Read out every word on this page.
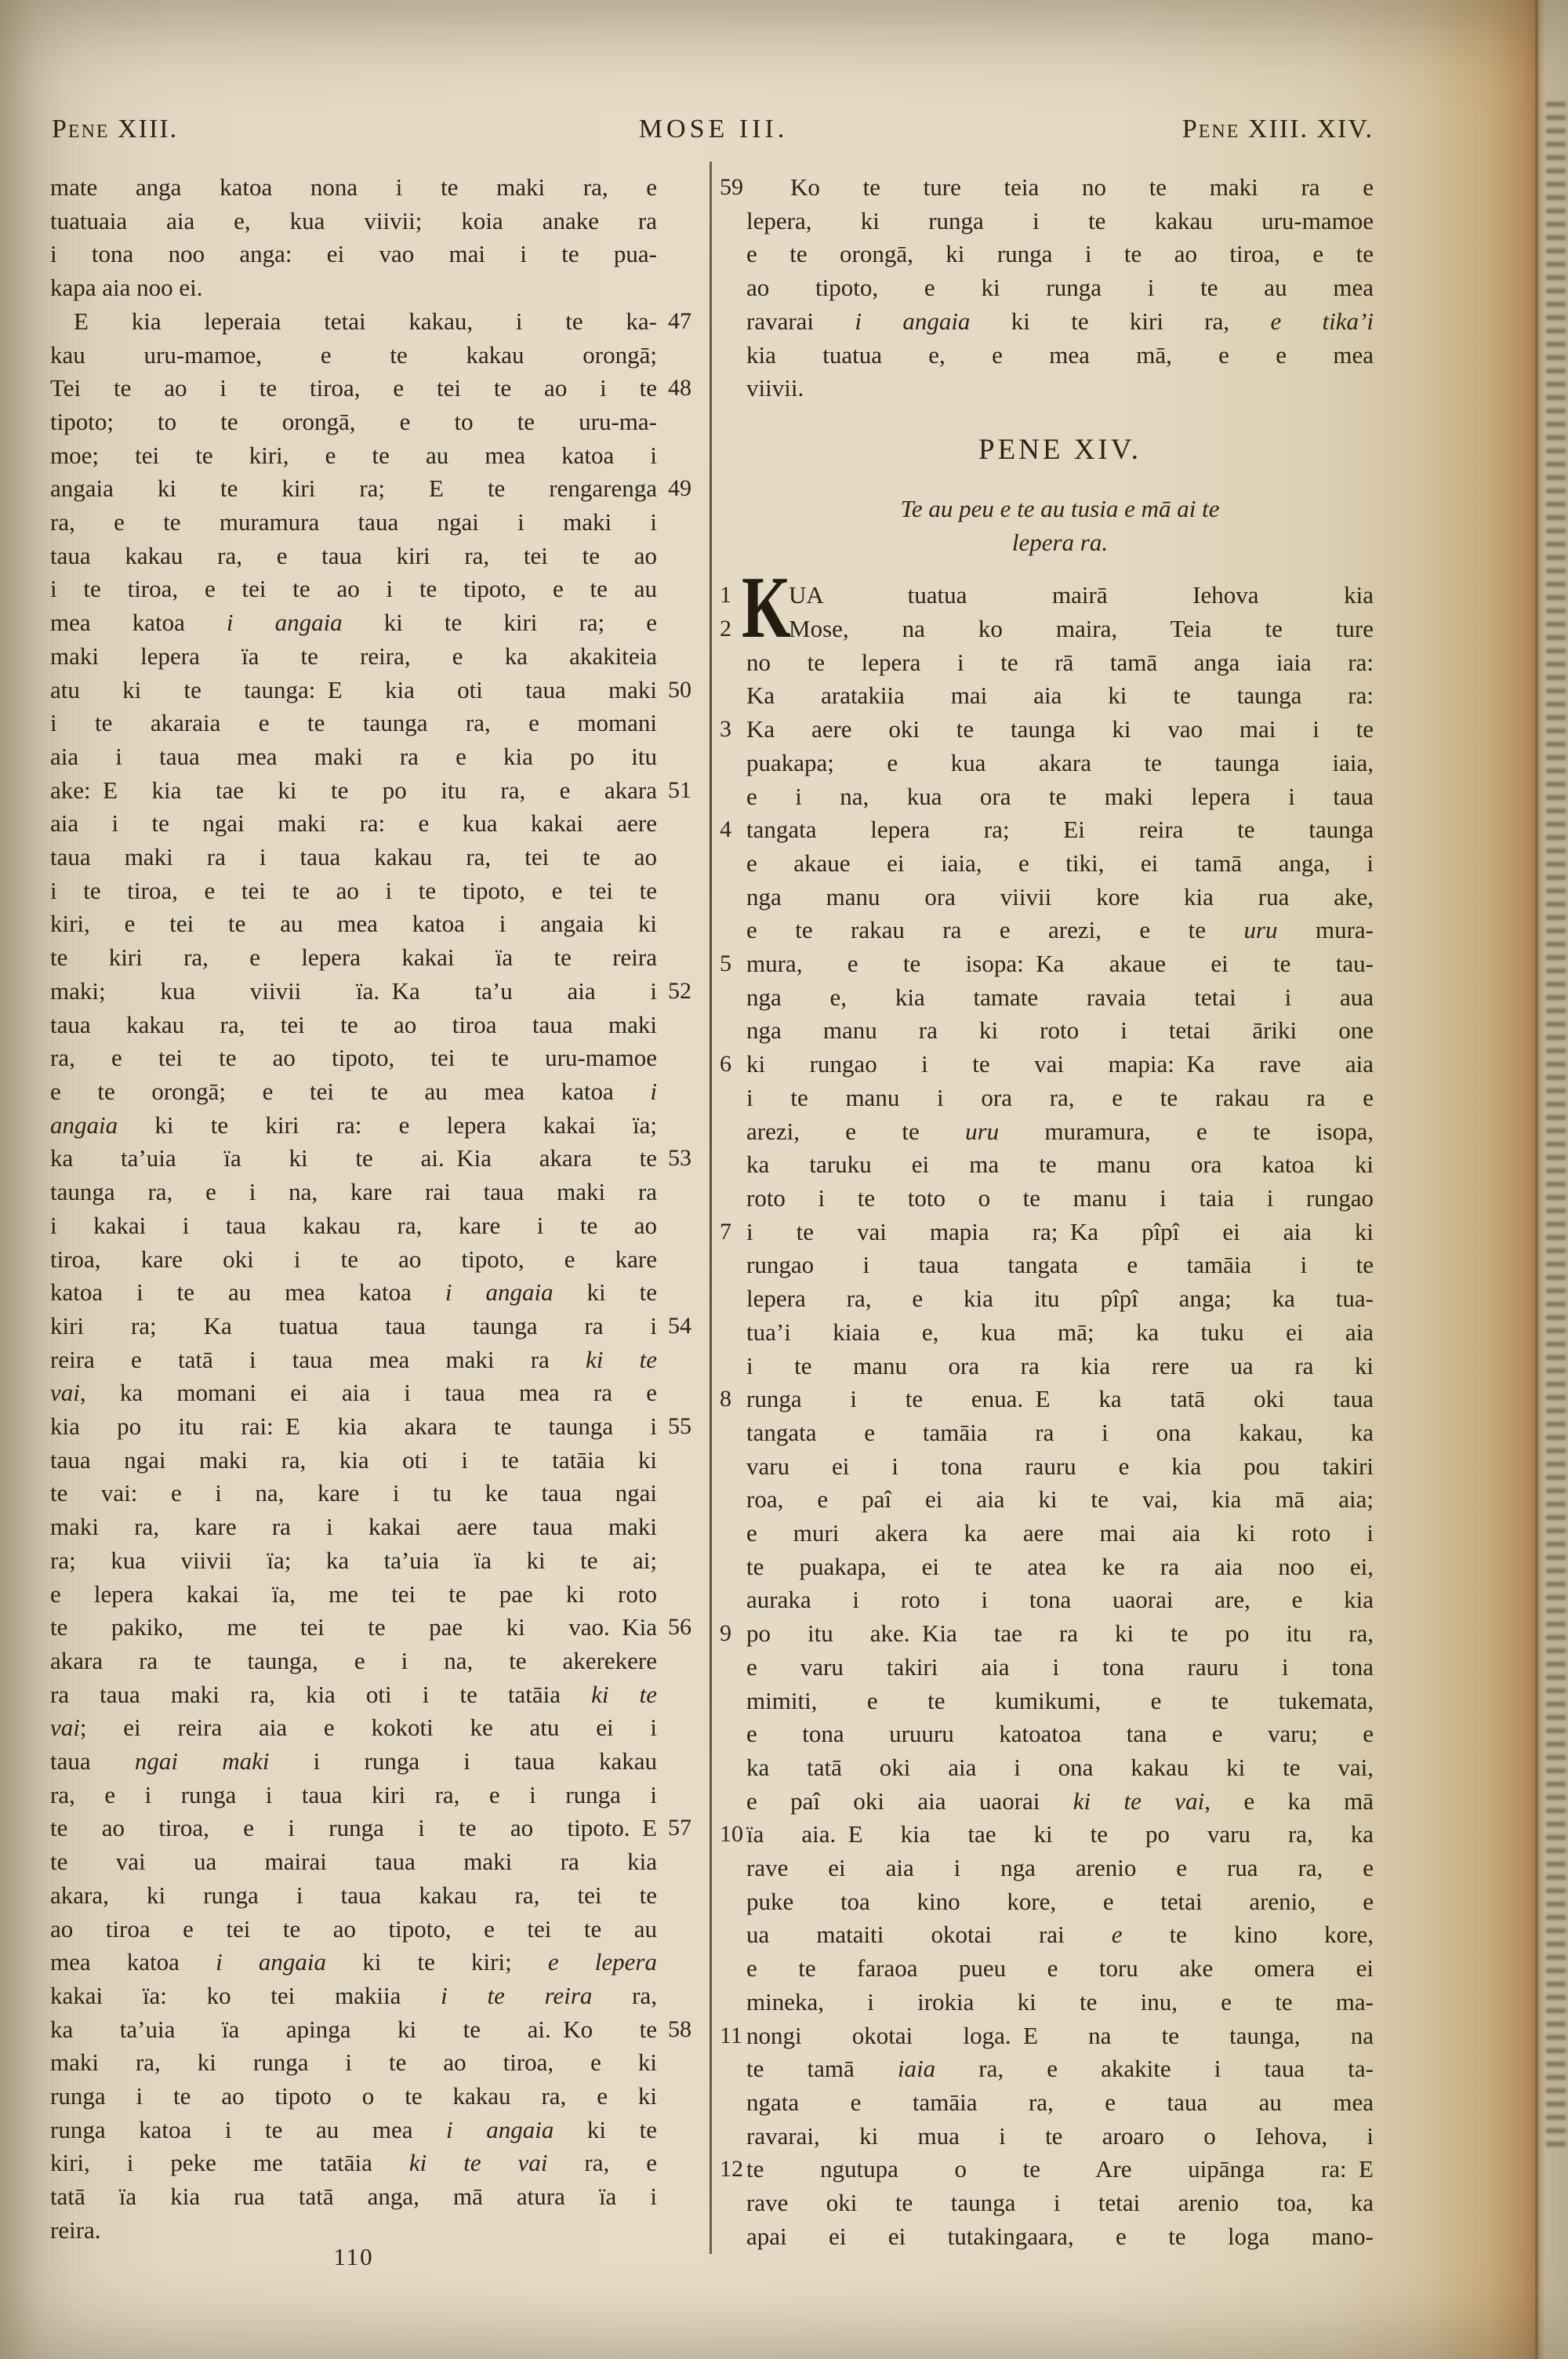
Pene XIII.	MOSE III.	Pene XIII. XIV.
mate anga katoa nona i te maki ra, e
tuatuaia aia e, kua viivii; koia anake ra
i tona noo anga: ei vao mai i te pua-
kapa aia noo ei.
E kia leperaia tetai kakau, i te ka- 47
kau uru-mamoe, e te kakau orongā;
Tei te ao i te tiroa, e tei te ao i te 48
tipoto; to te orongā, e to te uru-ma-
moe; tei te kiri, e te au mea katoa i
angaia ki te kiri ra; E te rengarenga 49
ra, e te muramura taua ngai i maki i
taua kakau ra, e taua kiri ra, tei te ao
i te tiroa, e tei te ao i te tipoto, e te au
mea katoa i angaia ki te kiri ra; e
maki lepera ïa te reira, e ka akakiteia
atu ki te taunga: E kia oti taua maki 50
i te akaraia e te taunga ra, e momani
aia i taua mea maki ra e kia po itu
ake: E kia tae ki te po itu ra, e akara 51
aia i te ngai maki ra: e kua kakai aere
taua maki ra i taua kakau ra, tei te ao
i te tiroa, e tei te ao i te tipoto, e tei te
kiri, e tei te au mea katoa i angaia ki
te kiri ra, e lepera kakai ïa te reira
maki; kua viivii ïa. Ka ta’u aia i 52
taua kakau ra, tei te ao tiroa taua maki
ra, e tei te ao tipoto, tei te uru-mamoe
e te orongā; e tei te au mea katoa i
angaia ki te kiri ra: e lepera kakai ïa;
ka ta’uia ïa ki te ai. Kia akara te 53
taunga ra, e i na, kare rai taua maki ra
i kakai i taua kakau ra, kare i te ao
tiroa, kare oki i te ao tipoto, e kare
katoa i te au mea katoa i angaia ki te
kiri ra; Ka tuatua taua taunga ra i 54
reira e tatā i taua mea maki ra ki te
vai, ka momani ei aia i taua mea ra e
kia po itu rai: E kia akara te taunga i 55
taua ngai maki ra, kia oti i te tatāia ki
te vai: e i na, kare i tu ke taua ngai
maki ra, kare ra i kakai aere taua maki
ra; kua viivii ïa; ka ta’uia ïa ki te ai;
e lepera kakai ïa, me tei te pae ki roto
te pakiko, me tei te pae ki vao. Kia 56
akara ra te taunga, e i na, te akerekere
ra taua maki ra, kia oti i te tatāia ki te
vai; ei reira aia e kokoti ke atu ei i
taua ngai maki i runga i taua kakau
ra, e i runga i taua kiri ra, e i runga i
te ao tiroa, e i runga i te ao tipoto. E 57
te vai ua mairai taua maki ra kia
akara, ki runga i taua kakau ra, tei te
ao tiroa e tei te ao tipoto, e tei te au
mea katoa i angaia ki te kiri; e lepera
kakai ïa: ko tei makiia i te reira ra,
ka ta’uia ïa apinga ki te ai. Ko te 58
maki ra, ki runga i te ao tiroa, e ki
runga i te ao tipoto o te kakau ra, e ki
runga katoa i te au mea i angaia ki te
kiri, i peke me tatāia ki te vai ra, e
tatā ïa kia rua tatā anga, mā atura ïa i
reira.
59	Ko te ture teia no te maki ra e
lepera, ki runga i te kakau uru-mamoe
e te orongā, ki runga i te ao tiroa, e te
ao tipoto, e ki runga i te au mea
ravarai i angaia ki te kiri ra, e tika’i
kia tuatua e, e mea mā, e e mea
viivii.
PENE XIV.
Te au peu e te au tusia e mā ai te
lepera ra.
1	UA tuatua mairā Iehova kia
2	Mose, na ko maira, Teia te ture
no te lepera i te rā tamā anga iaia ra:
Ka aratakiia mai aia ki te taunga ra:
3 Ka aere oki te taunga ki vao mai i te
puakapa; e kua akara te taunga iaia,
e i na, kua ora te maki lepera i taua
4 tangata lepera ra; Ei reira te taunga
e akaue ei iaia, e tiki, ei tamā anga, i
nga manu ora viivii kore kia rua ake,
e te rakau ra e arezi, e te uru mura-
5 mura, e te isopa: Ka akaue ei te tau-
nga e, kia tamate ravaia tetai i aua
nga manu ra ki roto i tetai āriki one
6 ki rungao i te vai mapia: Ka rave aia
i te manu i ora ra, e te rakau ra e
arezi, e te uru muramura, e te isopa,
ka taruku ei ma te manu ora katoa ki
roto i te toto o te manu i taia i rungao
7 i te vai mapia ra; Ka pîpî ei aia ki
rungao i taua tangata e tamāia i te
lepera ra, e kia itu pîpî anga; ka tua-
tua’i kiaia e, kua mā; ka tuku ei aia
i te manu ora ra kia rere ua ra ki
8 runga i te enua. E ka tatā oki taua
tangata e tamāia ra i ona kakau, ka
varu ei i tona rauru e kia pou takiri
roa, e paî ei aia ki te vai, kia mā aia;
e muri akera ka aere mai aia ki roto i
te puakapa, ei te atea ke ra aia noo ei,
auraka i roto i tona uaorai are, e kia
9 po itu ake. Kia tae ra ki te po itu ra,
e varu takiri aia i tona rauru i tona
mimiti, e te kumikumi, e te tukemata,
e tona uruuru katoatoa tana e varu; e
ka tatā oki aia i ona kakau ki te vai,
e paî oki aia uaorai ki te vai, e ka mā
10 ïa aia. E kia tae ki te po varu ra, ka
rave ei aia i nga arenio e rua ra, e
puke toa kino kore, e tetai arenio, e
ua mataiti okotai rai e te kino kore,
e te faraoa pueu e toru ake omera ei
mineka, i irokia ki te inu, e te ma-
11 nongi okotai loga. E na te taunga, na
te tamā iaia ra, e akakite i taua ta-
ngata e tamāia ra, e taua au mea
ravarai, ki mua i te aroaro o Iehova, i
12 te ngutupa o te Are uipānga ra: E
rave oki te taunga i tetai arenio toa, ka
apai ei ei tutakingaara, e te loga mano-
K
110
